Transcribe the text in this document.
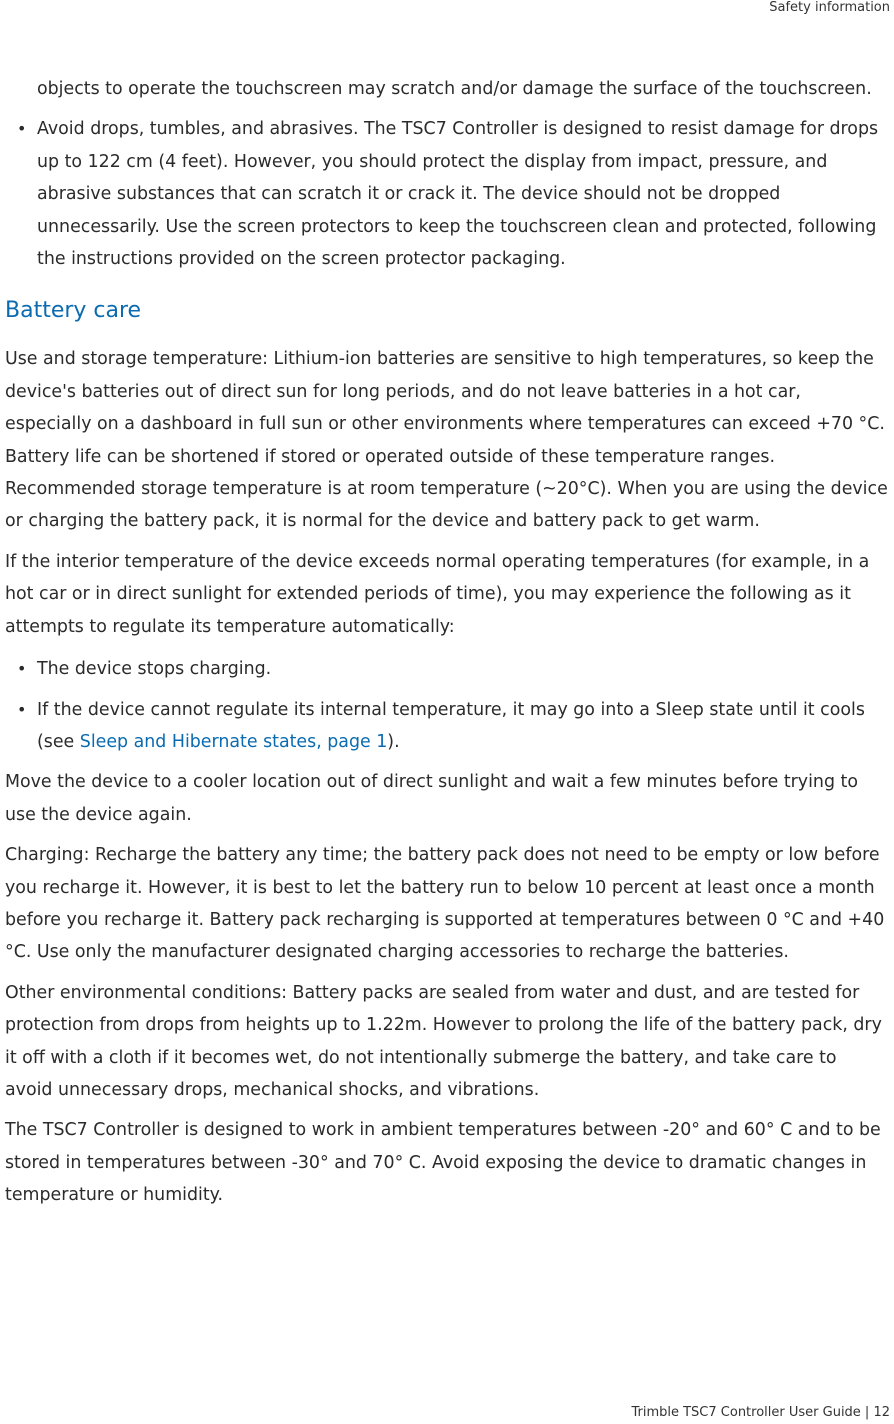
Safety information
objects to operate the touchscreen may scratch and/or damage the surface of the touchscreen.
• Avoid drops, tumbles, and abrasives. The TSC7 Controller is designed to resist damage for drops up to 122 cm (4 feet). However, you should protect the display from impact, pressure, and abrasive substances that can scratch it or crack it. The device should not be dropped unnecessarily. Use the screen protectors to keep the touchscreen clean and protected, following the instructions provided on the screen protector packaging.
Battery care
Use and storage temperature: Lithium-ion batteries are sensitive to high temperatures, so keep the device's batteries out of direct sun for long periods, and do not leave batteries in a hot car, especially on a dashboard in full sun or other environments where temperatures can exceed +70 °C. Battery life can be shortened if stored or operated outside of these temperature ranges. Recommended storage temperature is at room temperature (~20°C). When you are using the device or charging the battery pack, it is normal for the device and battery pack to get warm.
If the interior temperature of the device exceeds normal operating temperatures (for example, in a hot car or in direct sunlight for extended periods of time), you may experience the following as it attempts to regulate its temperature automatically:
• The device stops charging.
• If the device cannot regulate its internal temperature, it may go into a Sleep state until it cools (see Sleep and Hibernate states, page 1).
Move the device to a cooler location out of direct sunlight and wait a few minutes before trying to use the device again.
Charging: Recharge the battery any time; the battery pack does not need to be empty or low before you recharge it. However, it is best to let the battery run to below 10 percent at least once a month before you recharge it. Battery pack recharging is supported at temperatures between 0 °C and +40 °C. Use only the manufacturer designated charging accessories to recharge the batteries.
Other environmental conditions: Battery packs are sealed from water and dust, and are tested for protection from drops from heights up to 1.22m. However to prolong the life of the battery pack, dry it off with a cloth if it becomes wet, do not intentionally submerge the battery, and take care to avoid unnecessary drops, mechanical shocks, and vibrations.
The TSC7 Controller is designed to work in ambient temperatures between -20° and 60° C and to be stored in temperatures between -30° and 70° C. Avoid exposing the device to dramatic changes in temperature or humidity.
Trimble TSC7 Controller User Guide | 12
